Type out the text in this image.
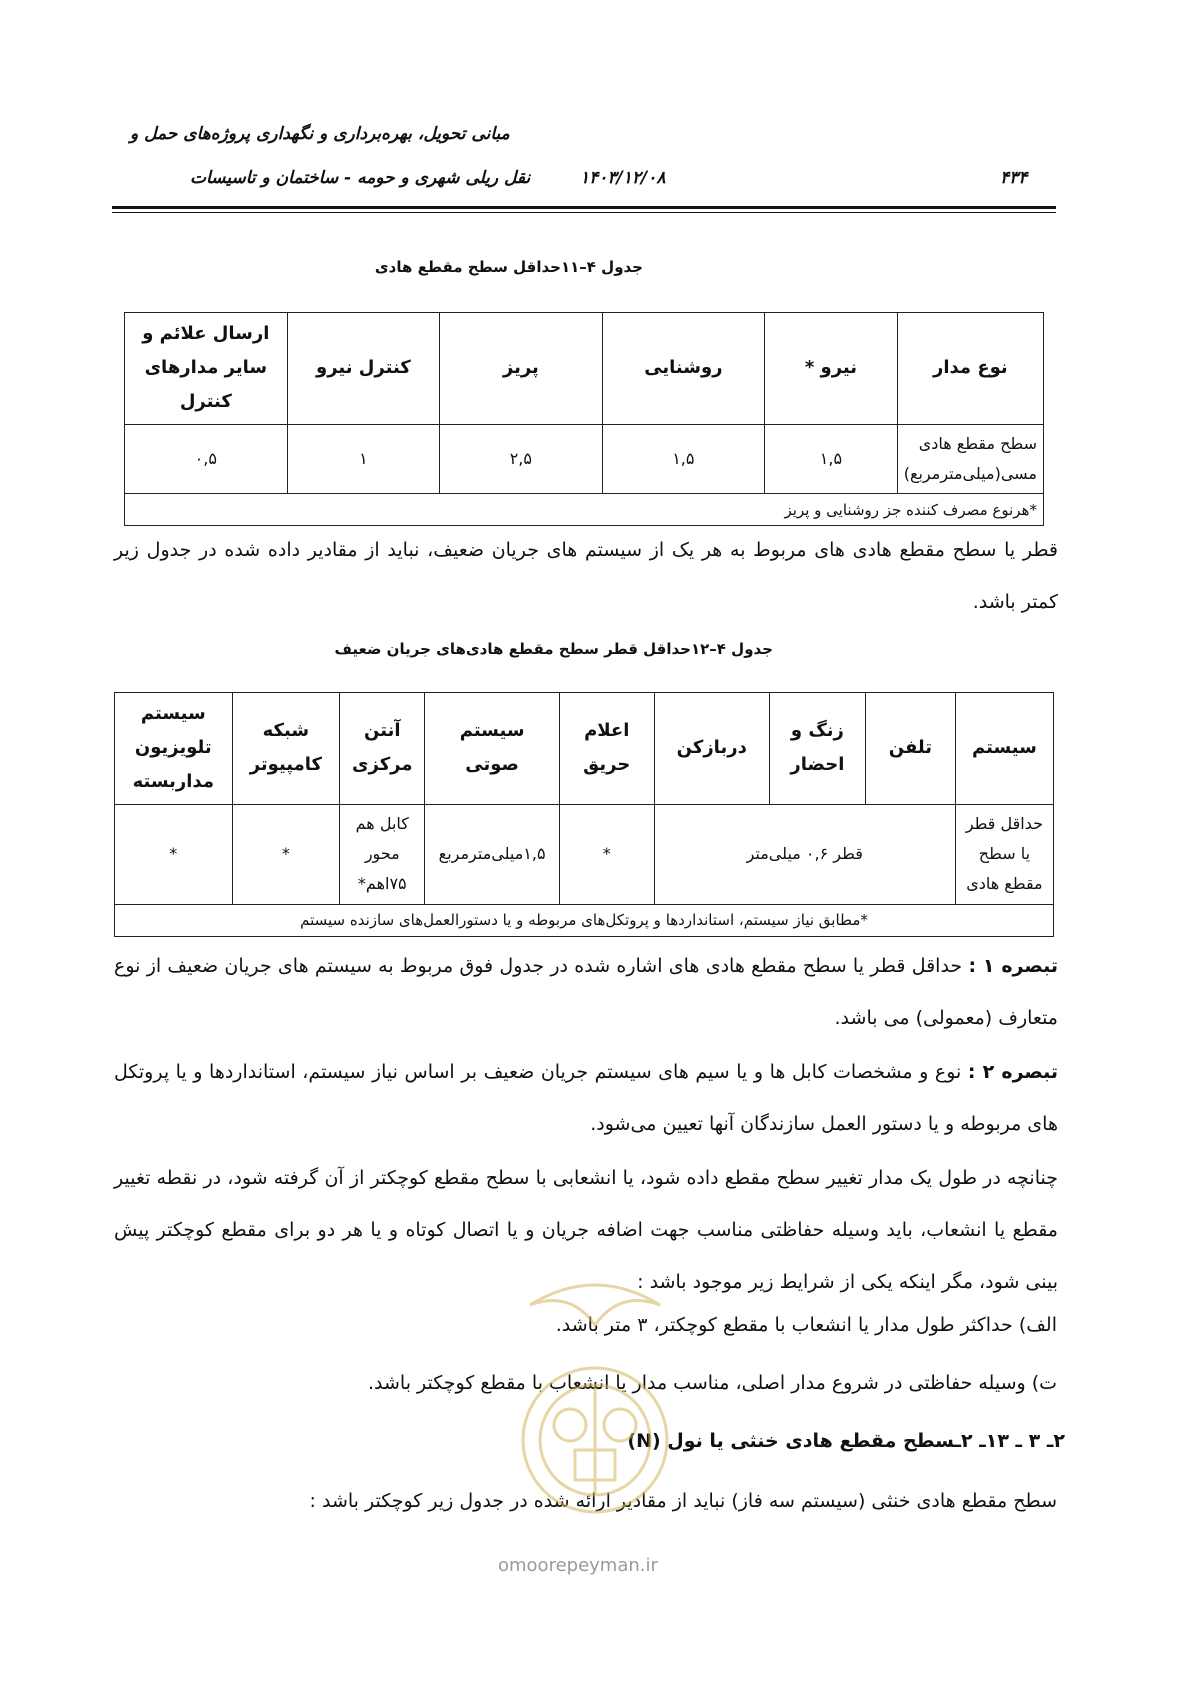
مبانی تحویل، بهره‌برداری و نگهداری پروژه‌های حمل و
نقل ریلی شهری و حومه - ساختمان و تاسیسات	۱۴۰۳/۱۲/۰۸	۴۳۴
جدول ۴–۱۱حداقل سطح مقطع هادی
نوع مدار	نیرو *	روشنایی	پریز	کنترل نیرو	ارسال علائم و سایر مدارهای کنترل
سطح مقطع هادی مسی(میلی‌مترمربع)	۱,۵	۱,۵	۲,۵	۱	۰,۵
*هرنوع مصرف کننده جز روشنایی و پریز					
قطر یا سطح مقطع هادی های مربوط به هر یک از سیستم های جریان ضعیف، نباید از مقادیر داده شده در جدول زیر کمتر باشد.
جدول ۴–۱۲حداقل قطر سطح مقطع هادی‌های جریان ضعیف
سیستم	تلفن	زنگ و احضار	دربازکن	اعلام حریق	سیستم صوتی	آنتن مرکزی	شبکه کامپیوتر	سیستم تلویزیون مداربسته
حداقل قطر یا سطح مقطع هادی	قطر ۰,۶ میلی‌متر			*	۱,۵میلی‌مترمربع	کابل هم محور ۷۵اهم*	*	*
*مطابق نیاز سیستم، استانداردها و پروتکل‌های مربوطه و یا دستورالعمل‌های سازنده سیستم								
تبصره ۱ : حداقل قطر یا سطح مقطع هادی های اشاره شده در جدول فوق مربوط به سیستم های جریان ضعیف از نوع متعارف (معمولی) می باشد.
تبصره ۲ : نوع و مشخصات کابل ها و یا سیم های سیستم جریان ضعیف بر اساس نیاز سیستم، استانداردها و یا پروتکل های مربوطه و یا دستور العمل سازندگان آنها تعیین می‌شود.
چنانچه در طول یک مدار تغییر سطح مقطع داده شود، یا انشعابی با سطح مقطع کوچکتر از آن گرفته شود، در نقطه تغییر مقطع یا انشعاب، باید وسیله حفاظتی مناسب جهت اضافه جریان و یا اتصال کوتاه و یا هر دو برای مقطع کوچکتر پیش بینی شود، مگر اینکه یکی از شرایط زیر موجود باشد :
الف) حداکثر طول مدار یا انشعاب با مقطع کوچکتر، ۳ متر باشد.
ت) وسیله حفاظتی در شروع مدار اصلی، مناسب مدار یا انشعاب با مقطع کوچکتر باشد.
۲ـ ۳ ـ ۱۳ـ ۲ـسطح مقطع هادی خنثی یا نول (N)
سطح مقطع هادی خنثی (سیستم سه فاز) نباید از مقادیر ارائه شده در جدول زیر کوچکتر باشد :
omoorepeyman.ir
